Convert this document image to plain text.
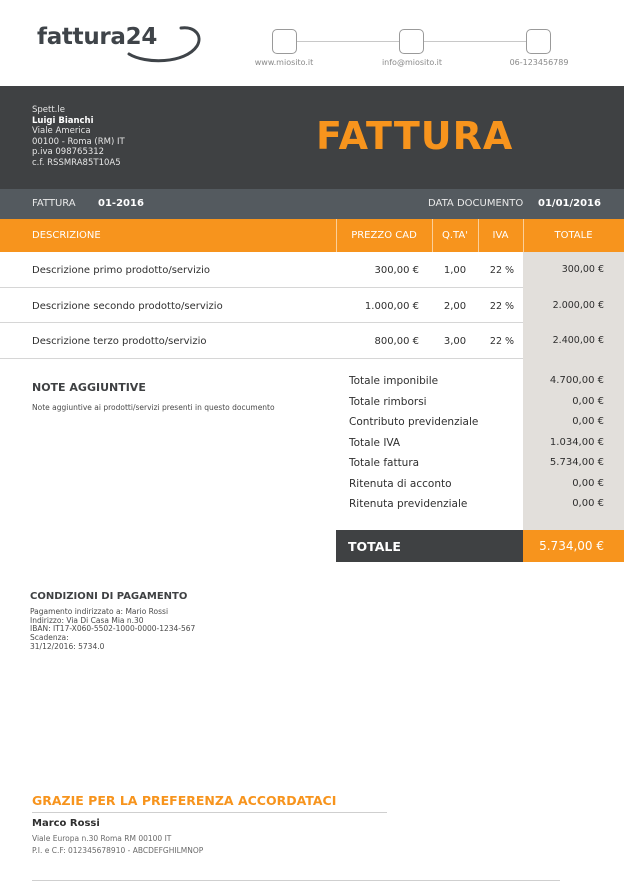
fattura24
www.miosito.it	info@miosito.it	06-123456789
Spett.le
Luigi Bianchi
Viale America
00100 - Roma (RM) IT
p.iva 098765312
c.f. RSSMRA85T10A5
FATTURA
FATTURA 01-2016	DATA DOCUMENTO 01/01/2016
DESCRIZIONE	PREZZO CAD	Q.TA'	IVA	TOTALE
Descrizione primo prodotto/servizio	300,00 €	1,00	22 %	300,00 €
Descrizione secondo prodotto/servizio	1.000,00 €	2,00	22 %	2.000,00 €
Descrizione terzo prodotto/servizio	800,00 €	3,00	22 %	2.400,00 €
NOTE AGGIUNTIVE
Note aggiuntive ai prodotti/servizi presenti in questo documento
Totale imponibile	4.700,00 €
Totale rimborsi	0,00 €
Contributo previdenziale	0,00 €
Totale IVA	1.034,00 €
Totale fattura	5.734,00 €
Ritenuta di acconto	0,00 €
Ritenuta previdenziale	0,00 €
TOTALE	5.734,00 €
CONDIZIONI DI PAGAMENTO
Pagamento indirizzato a: Mario Rossi
Indirizzo: Via Di Casa Mia n.30
IBAN: IT17-X060-5502-1000-0000-1234-567
Scadenza:
31/12/2016: 5734.0
GRAZIE PER LA PREFERENZA ACCORDATACI
Marco Rossi
Viale Europa n.30 Roma RM 00100 IT
P.I. e C.F: 012345678910 - ABCDEFGHILMNOP
